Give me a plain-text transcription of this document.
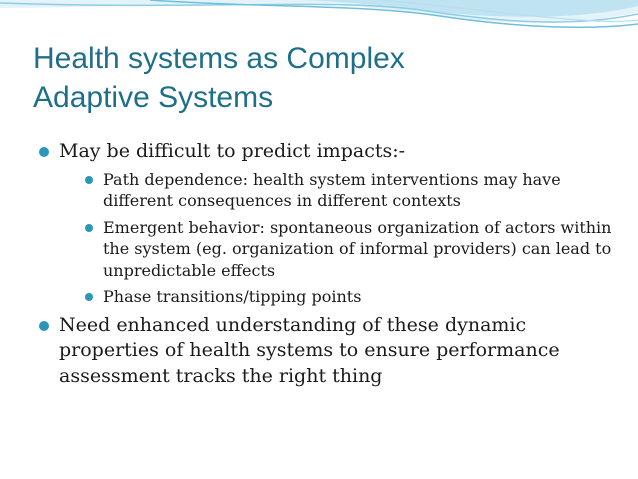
Health systems as Complex
Adaptive Systems
May be difficult to predict impacts:-
Path dependence: health system interventions may have different consequences in different contexts
Emergent behavior: spontaneous organization of actors within the system (eg. organization of informal providers) can lead to unpredictable effects
Phase transitions/tipping points
Need enhanced understanding of these dynamic properties of health systems to ensure performance assessment tracks the right thing
